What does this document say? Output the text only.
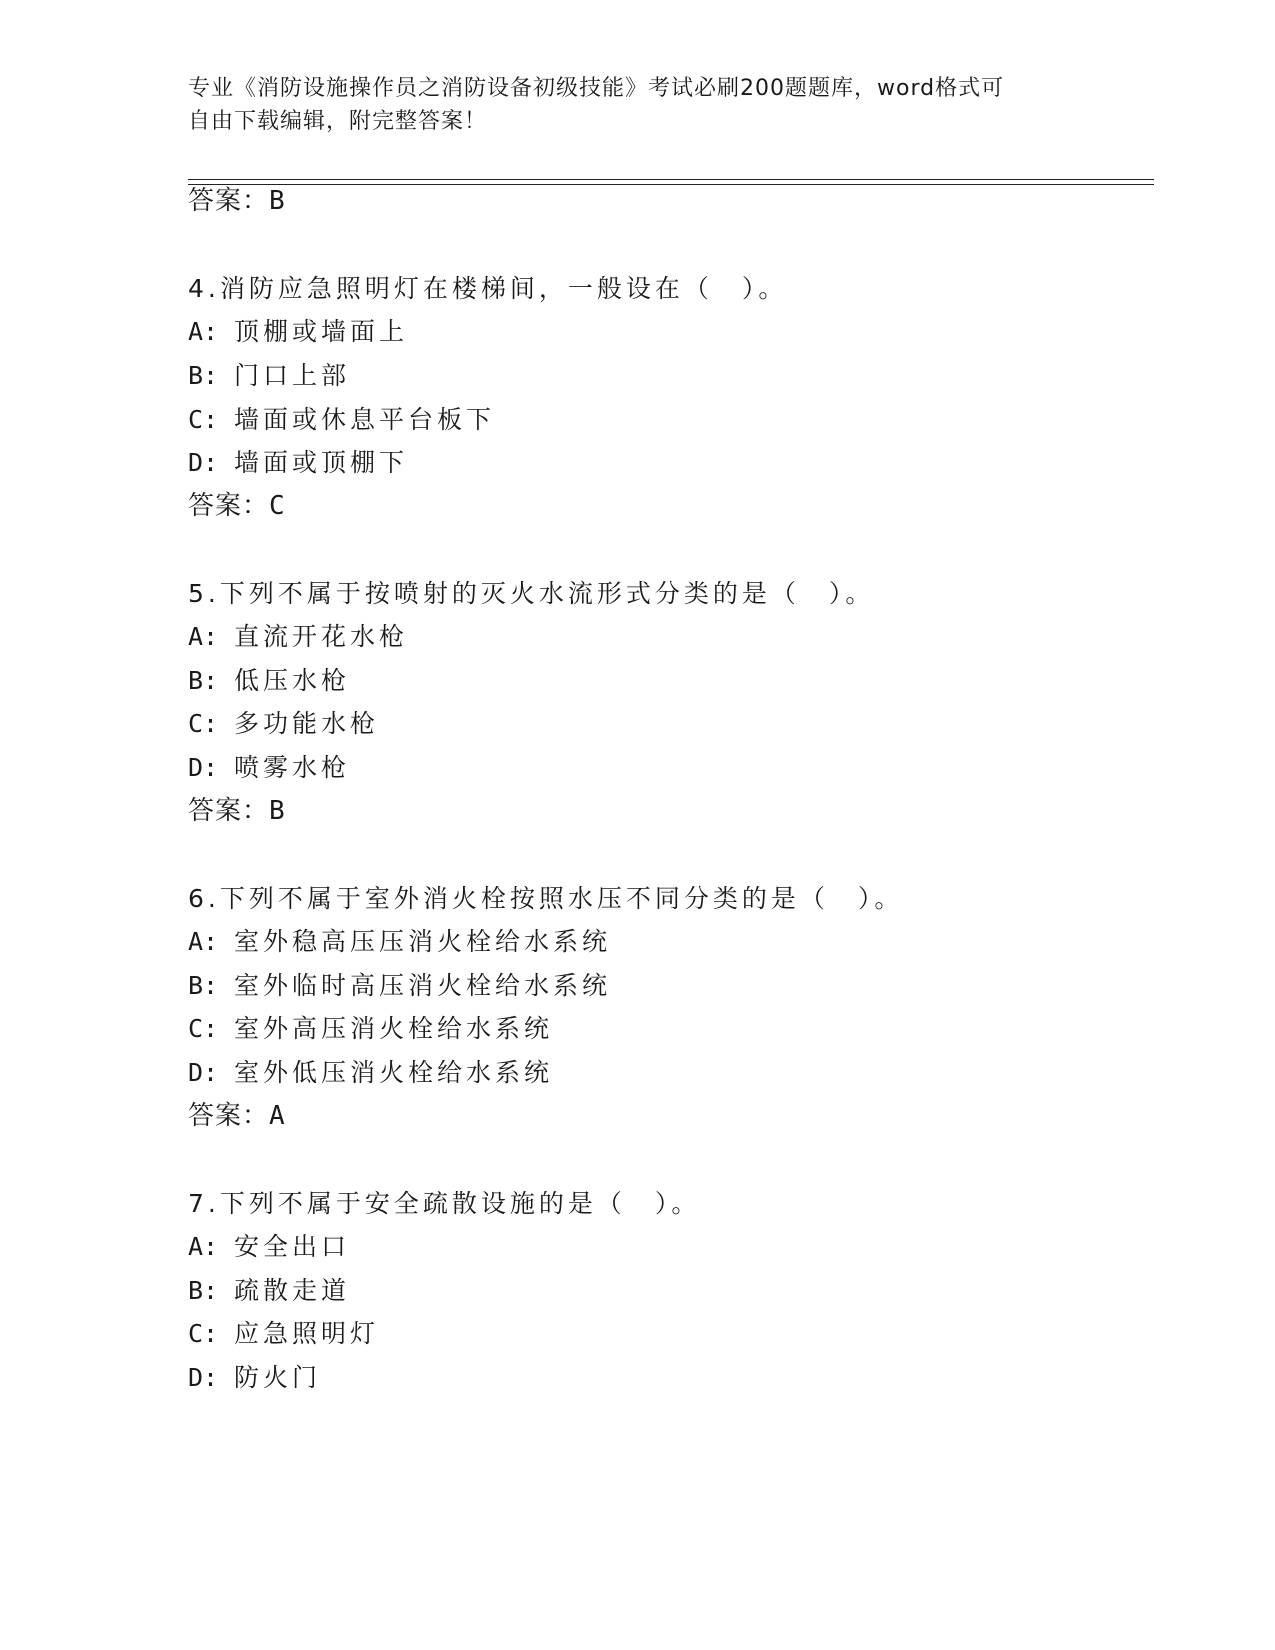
专业《消防设施操作员之消防设备初级技能》考试必刷200题题库，word格式可
自由下载编辑，附完整答案！
答案：B
4.消防应急照明灯在楼梯间，一般设在（　）。
A: 顶棚或墙面上
B: 门口上部
C: 墙面或休息平台板下
D: 墙面或顶棚下
答案：C
5.下列不属于按喷射的灭火水流形式分类的是（　）。
A: 直流开花水枪
B: 低压水枪
C: 多功能水枪
D: 喷雾水枪
答案：B
6.下列不属于室外消火栓按照水压不同分类的是（　）。
A: 室外稳高压压消火栓给水系统
B: 室外临时高压消火栓给水系统
C: 室外高压消火栓给水系统
D: 室外低压消火栓给水系统
答案：A
7.下列不属于安全疏散设施的是（　）。
A: 安全出口
B: 疏散走道
C: 应急照明灯
D: 防火门
